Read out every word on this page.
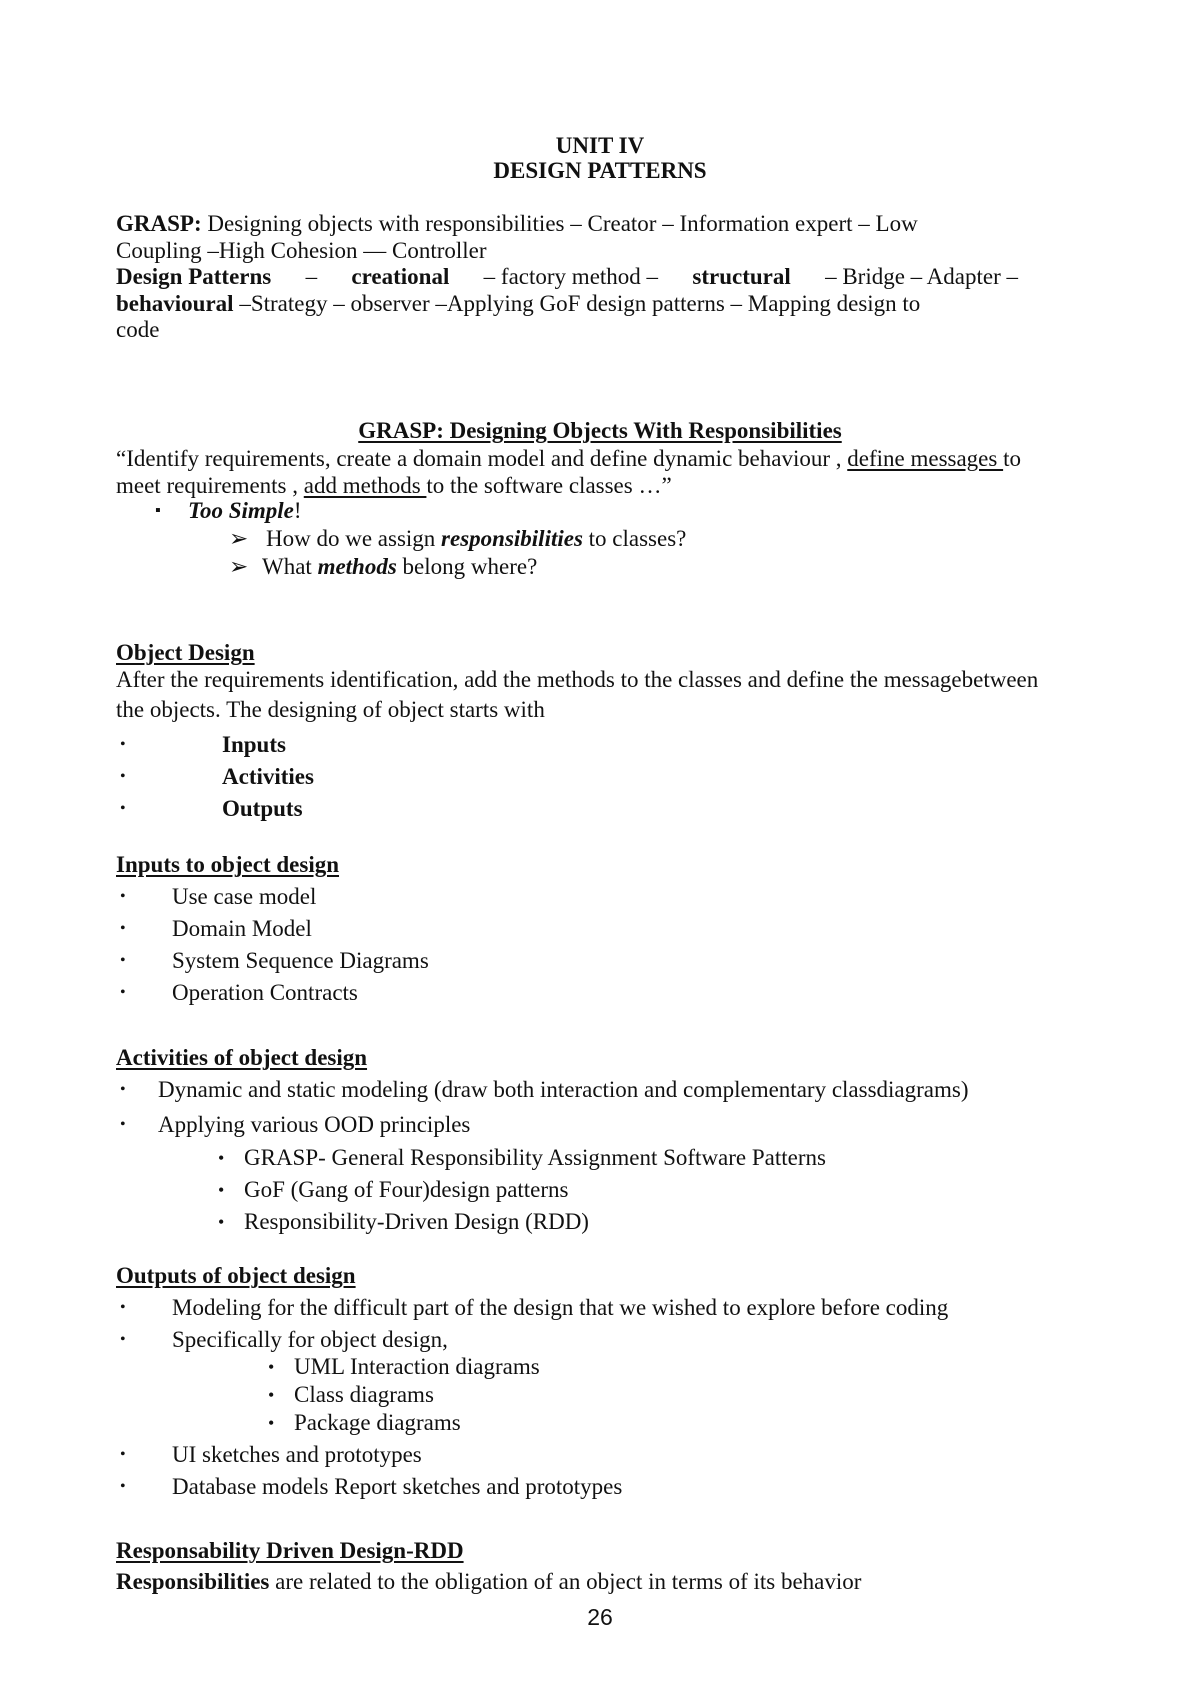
UNIT IV
DESIGN PATTERNS
GRASP: Designing objects with responsibilities – Creator – Information expert – Low
Coupling –High Cohesion — Controller
Design Patterns – creational – factory method – structural – Bridge – Adapter –
behavioural –Strategy – observer –Applying GoF design patterns – Mapping design to
code
GRASP: Designing Objects With Responsibilities
“Identify requirements, create a domain model and define dynamic behaviour , define messages to
meet requirements , add methods to the software classes …”
▪ Too Simple!
➢ How do we assign responsibilities to classes?
➢ What methods belong where?
Object Design
After the requirements identification, add the methods to the classes and define the messagebetween
the objects. The designing of object starts with
•	Inputs
•	Activities
•	Outputs
Inputs to object design
• Use case model
• Domain Model
• System Sequence Diagrams
• Operation Contracts
Activities of object design
• Dynamic and static modeling (draw both interaction and complementary classdiagrams)
• Applying various OOD principles
• GRASP- General Responsibility Assignment Software Patterns
• GoF (Gang of Four)design patterns
• Responsibility-Driven Design (RDD)
Outputs of object design
• Modeling for the difficult part of the design that we wished to explore before coding
• Specifically for object design,
• UML Interaction diagrams
• Class diagrams
• Package diagrams
• UI sketches and prototypes
• Database models Report sketches and prototypes
Responsability Driven Design-RDD
Responsibilities are related to the obligation of an object in terms of its behavior
26
